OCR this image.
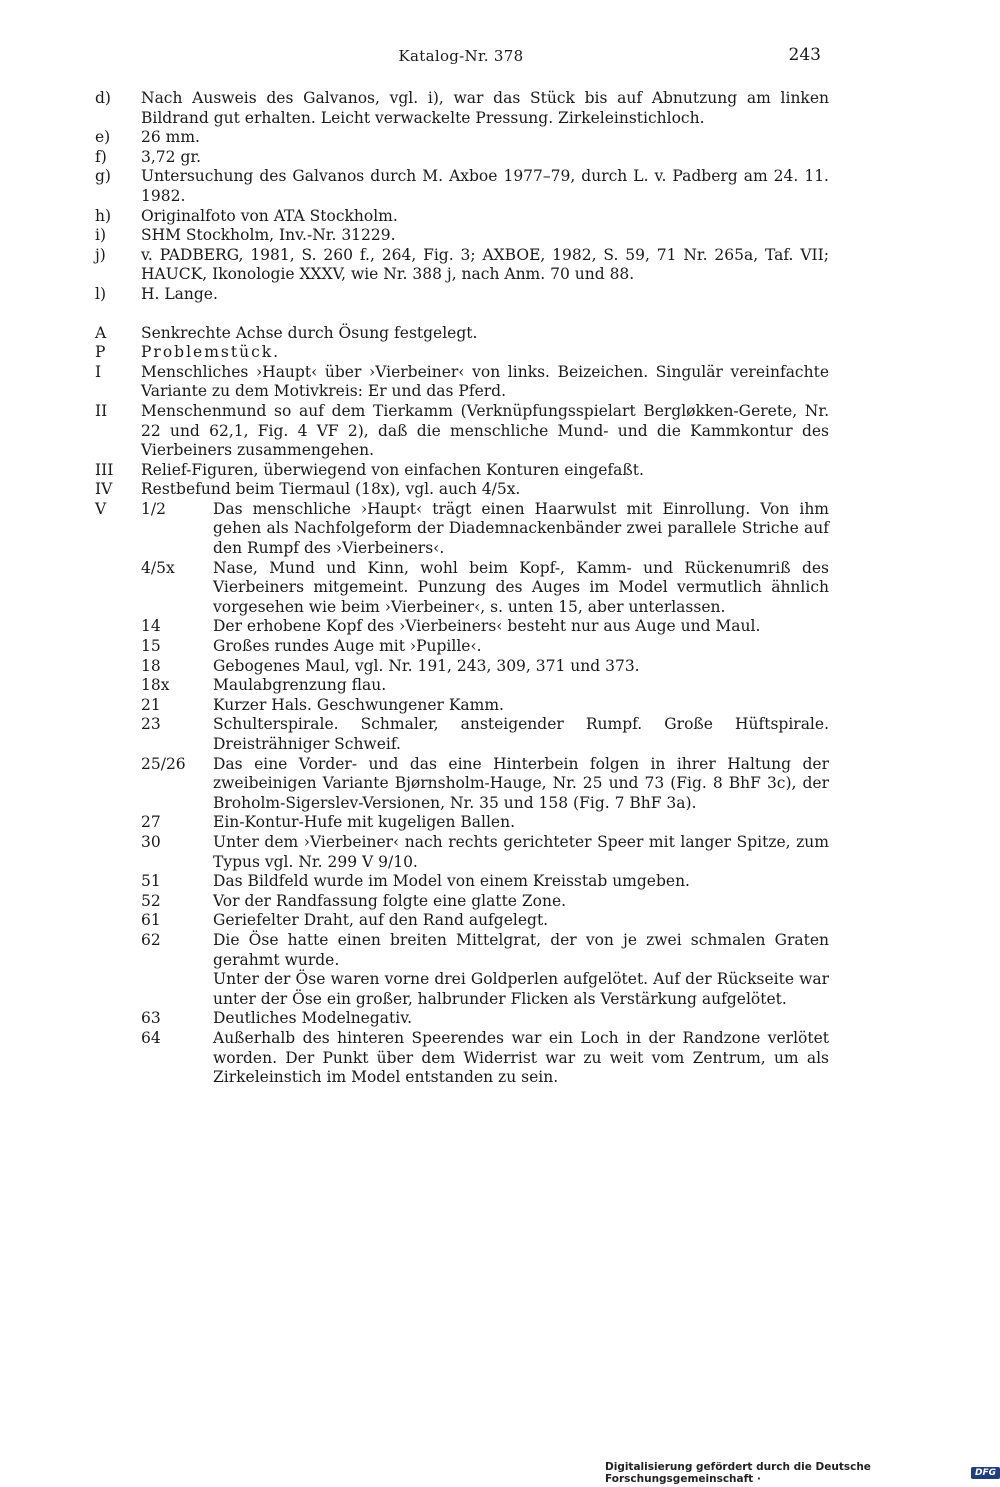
Katalog-Nr. 378	243
d)	Nach Ausweis des Galvanos, vgl. i), war das Stück bis auf Abnutzung am linken Bildrand gut erhalten. Leicht verwackelte Pressung. Zirkeleinstichloch.
e)	26 mm.
f)	3,72 gr.
g)	Untersuchung des Galvanos durch M. Axboe 1977–79, durch L. v. Padberg am 24. 11. 1982.
h)	Originalfoto von ATA Stockholm.
i)	SHM Stockholm, Inv.-Nr. 31229.
j)	v. PADBERG, 1981, S. 260 f., 264, Fig. 3; AXBOE, 1982, S. 59, 71 Nr. 265a, Taf. VII; HAUCK, Ikonologie XXXV, wie Nr. 388 j, nach Anm. 70 und 88.
l)	H. Lange.
A	Senkrechte Achse durch Ösung festgelegt.
P	Problemstück.
I	Menschliches ›Haupt‹ über ›Vierbeiner‹ von links. Beizeichen. Singulär vereinfachte Variante zu dem Motivkreis: Er und das Pferd.
II	Menschenmund so auf dem Tierkamm (Verknüpfungsspielart Bergløkken-Gerete, Nr. 22 und 62,1, Fig. 4 VF 2), daß die menschliche Mund- und die Kammkontur des Vierbeiners zusammengehen.
III	Relief-Figuren, überwiegend von einfachen Konturen eingefaßt.
IV	Restbefund beim Tiermaul (18x), vgl. auch 4/5x.
V	1/2	Das menschliche ›Haupt‹ trägt einen Haarwulst mit Einrollung. Von ihm gehen als Nachfolgeform der Diademnackenbänder zwei parallele Striche auf den Rumpf des ›Vierbeiners‹.
4/5x	Nase, Mund und Kinn, wohl beim Kopf-, Kamm- und Rückenumriß des Vierbeiners mitgemeint. Punzung des Auges im Model vermutlich ähnlich vorgesehen wie beim ›Vierbeiner‹, s. unten 15, aber unterlassen.
14	Der erhobene Kopf des ›Vierbeiners‹ besteht nur aus Auge und Maul.
15	Großes rundes Auge mit ›Pupille‹.
18	Gebogenes Maul, vgl. Nr. 191, 243, 309, 371 und 373.
18x	Maulabgrenzung flau.
21	Kurzer Hals. Geschwungener Kamm.
23	Schulterspirale. Schmaler, ansteigender Rumpf. Große Hüftspirale. Dreisträhniger Schweif.
25/26	Das eine Vorder- und das eine Hinterbein folgen in ihrer Haltung der zweibeinigen Variante Bjørnsholm-Hauge, Nr. 25 und 73 (Fig. 8 BhF 3c), der Broholm-Sigerslev-Versionen, Nr. 35 und 158 (Fig. 7 BhF 3a).
27	Ein-Kontur-Hufe mit kugeligen Ballen.
30	Unter dem ›Vierbeiner‹ nach rechts gerichteter Speer mit langer Spitze, zum Typus vgl. Nr. 299 V 9/10.
51	Das Bildfeld wurde im Model von einem Kreisstab umgeben.
52	Vor der Randfassung folgte eine glatte Zone.
61	Geriefelter Draht, auf den Rand aufgelegt.
62	Die Öse hatte einen breiten Mittelgrat, der von je zwei schmalen Graten gerahmt wurde.
Unter der Öse waren vorne drei Goldperlen aufgelötet. Auf der Rückseite war unter der Öse ein großer, halbrunder Flicken als Verstärkung aufgelötet.
63	Deutliches Modelnegativ.
64	Außerhalb des hinteren Speerendes war ein Loch in der Randzone verlötet worden. Der Punkt über dem Widerrist war zu weit vom Zentrum, um als Zirkeleinstich im Model entstanden zu sein.
Digitalisierung gefördert durch die Deutsche Forschungsgemeinschaft ·	DFG
